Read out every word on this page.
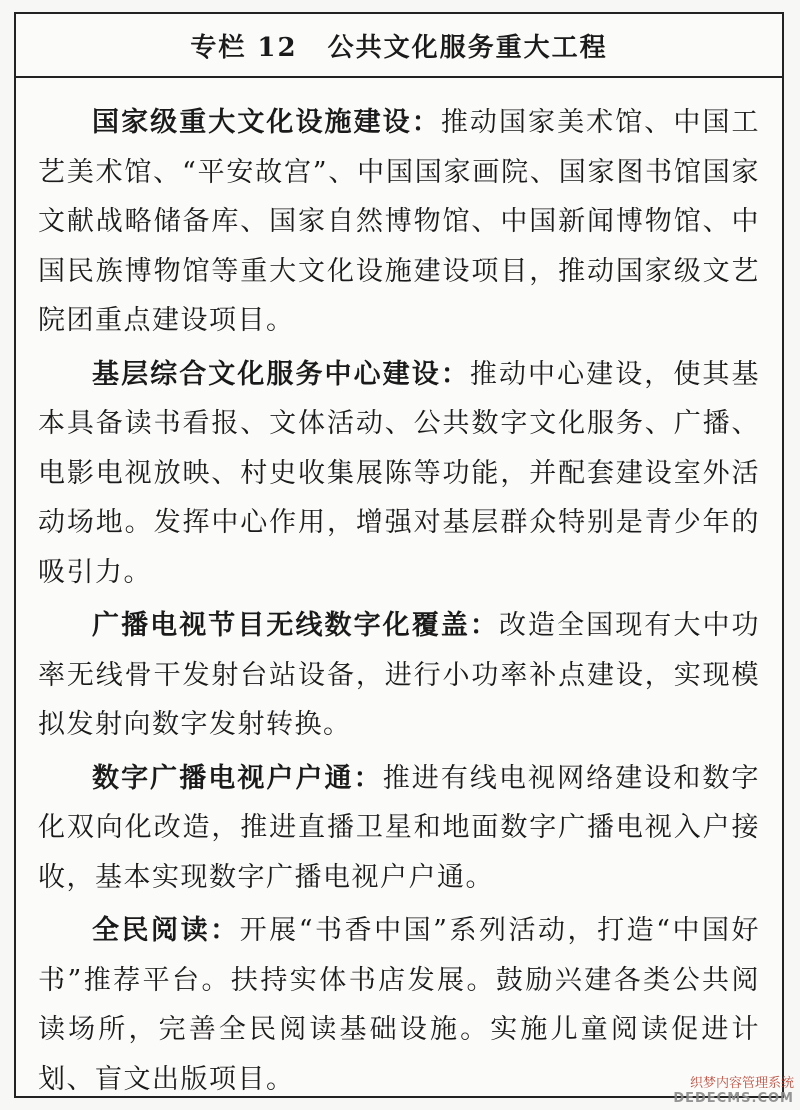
专栏 12 公共文化服务重大工程

国家级重大文化设施建设：推动国家美术馆、中国工艺美术馆、“平安故宫”、中国国家画院、国家图书馆国家文献战略储备库、国家自然博物馆、中国新闻博物馆、中国民族博物馆等重大文化设施建设项目，推动国家级文艺院团重点建设项目。

基层综合文化服务中心建设：推动中心建设，使其基本具备读书看报、文体活动、公共数字文化服务、广播、电影电视放映、村史收集展陈等功能，并配套建设室外活动场地。发挥中心作用，增强对基层群众特别是青少年的吸引力。

广播电视节目无线数字化覆盖：改造全国现有大中功率无线骨干发射台站设备，进行小功率补点建设，实现模拟发射向数字发射转换。

数字广播电视户户通：推进有线电视网络建设和数字化双向化改造，推进直播卫星和地面数字广播电视入户接收，基本实现数字广播电视户户通。

全民阅读：开展“书香中国”系列活动，打造“中国好书”推荐平台。扶持实体书店发展。鼓励兴建各类公共阅读场所，完善全民阅读基础设施。实施儿童阅读促进计划、盲文出版项目。	织梦内容管理系统
DEDECMS.COM
